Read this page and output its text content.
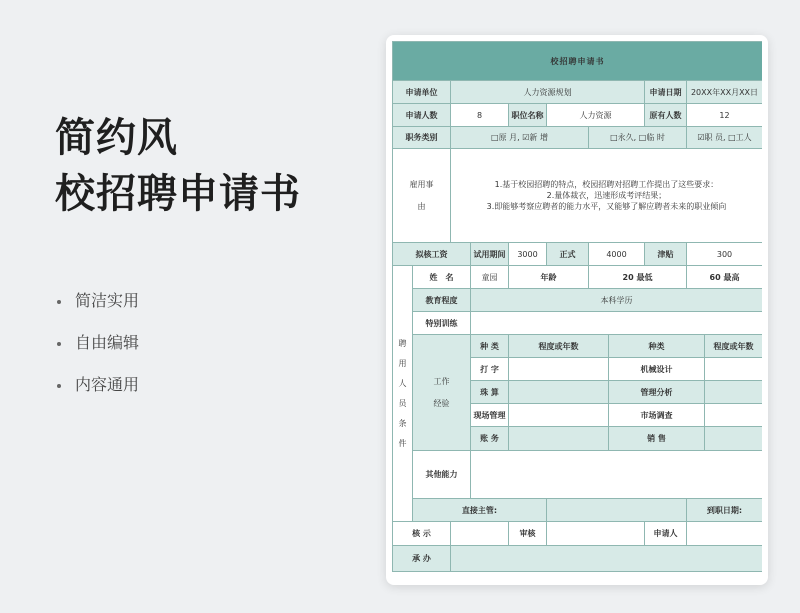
简约风
校招聘申请书
简洁实用
自由编辑
内容通用
校招聘申请书										
申请单位		人力资源规划						申请日期	20XX年XX月XX日	
申请人数		8		职位名称	人力资源			原有人数	12	
职务类别		□原 月, ☑新 增				□永久, □临 时			☑职 员, □工人	
雇用事由		1.基于校园招聘的特点，校园招聘对招聘工作提出了这些要求：
2.量体裁衣，迅速形成考评结果；
3.即能够考察应聘者的能力水平，又能够了解应聘者未来的职业倾向								

拟核工资			试用期间	3000	正式	4000		津贴	300	
聘用人员条件	姓　名		童园	年龄		20 最低			60 最高	
	教育程度		本科学历							
	特别训练									
	工作经验		种 类	程度或年数			种类			程度或年数
			打 字				机械设计			
			珠 算				管理分析			
			现场管理				市场调查			
			账 务				销 售			
	其他能力									
	直接主管:								到职日期:	
核 示				审核				申请人		
承 办										
